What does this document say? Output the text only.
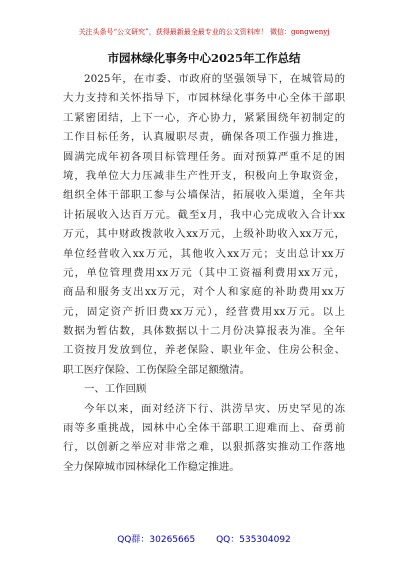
关注头条号“公文研究”，获得最新最全最专业的公文资料库！ 微信：gongwenyj
市园林绿化事务中心2025年工作总结
2025年，在市委、市政府的坚强领导下，在城管局的
大力支持和关怀指导下，市园林绿化事务中心全体干部职
工紧密团结，上下一心，齐心协力，紧紧围绕年初制定的
工作目标任务，认真履职尽责，确保各项工作强力推进，
圆满完成年初各项目标管理任务。面对预算严重不足的困
境，我单位大力压减非生产性开支，积极向上争取资金，
组织全体干部职工参与公墙保洁，拓展收入渠道，全年共
计拓展收入达百万元。截至x月，我中心完成收入合计xx
万元，其中财政拨款收入xx万元，上级补助收入xx万元，
单位经营收入xx万元，其他收入xx万元；支出总计xx万
元，单位管理费用xx万元（其中工资福利费用xx万元，
商品和服务支出xx万元，对个人和家庭的补助费用xx万
元，固定资产折旧费xx万元），经营费用xx万元。以上
数据为暂估数，具体数据以十二月份决算报表为准。全年
工资按月发放到位，养老保险、职业年金、住房公积金、
职工医疗保险、工伤保险全部足额缴清。
一、工作回顾
今年以来，面对经济下行、洪涝旱灾、历史罕见的冻
雨等多重挑战，园林中心全体干部职工迎难而上、奋勇前
行，以创新之举应对非常之难，以狠抓落实推动工作落地
全力保障城市园林绿化工作稳定推进。
QQ群：30265665 QQ：535304092
